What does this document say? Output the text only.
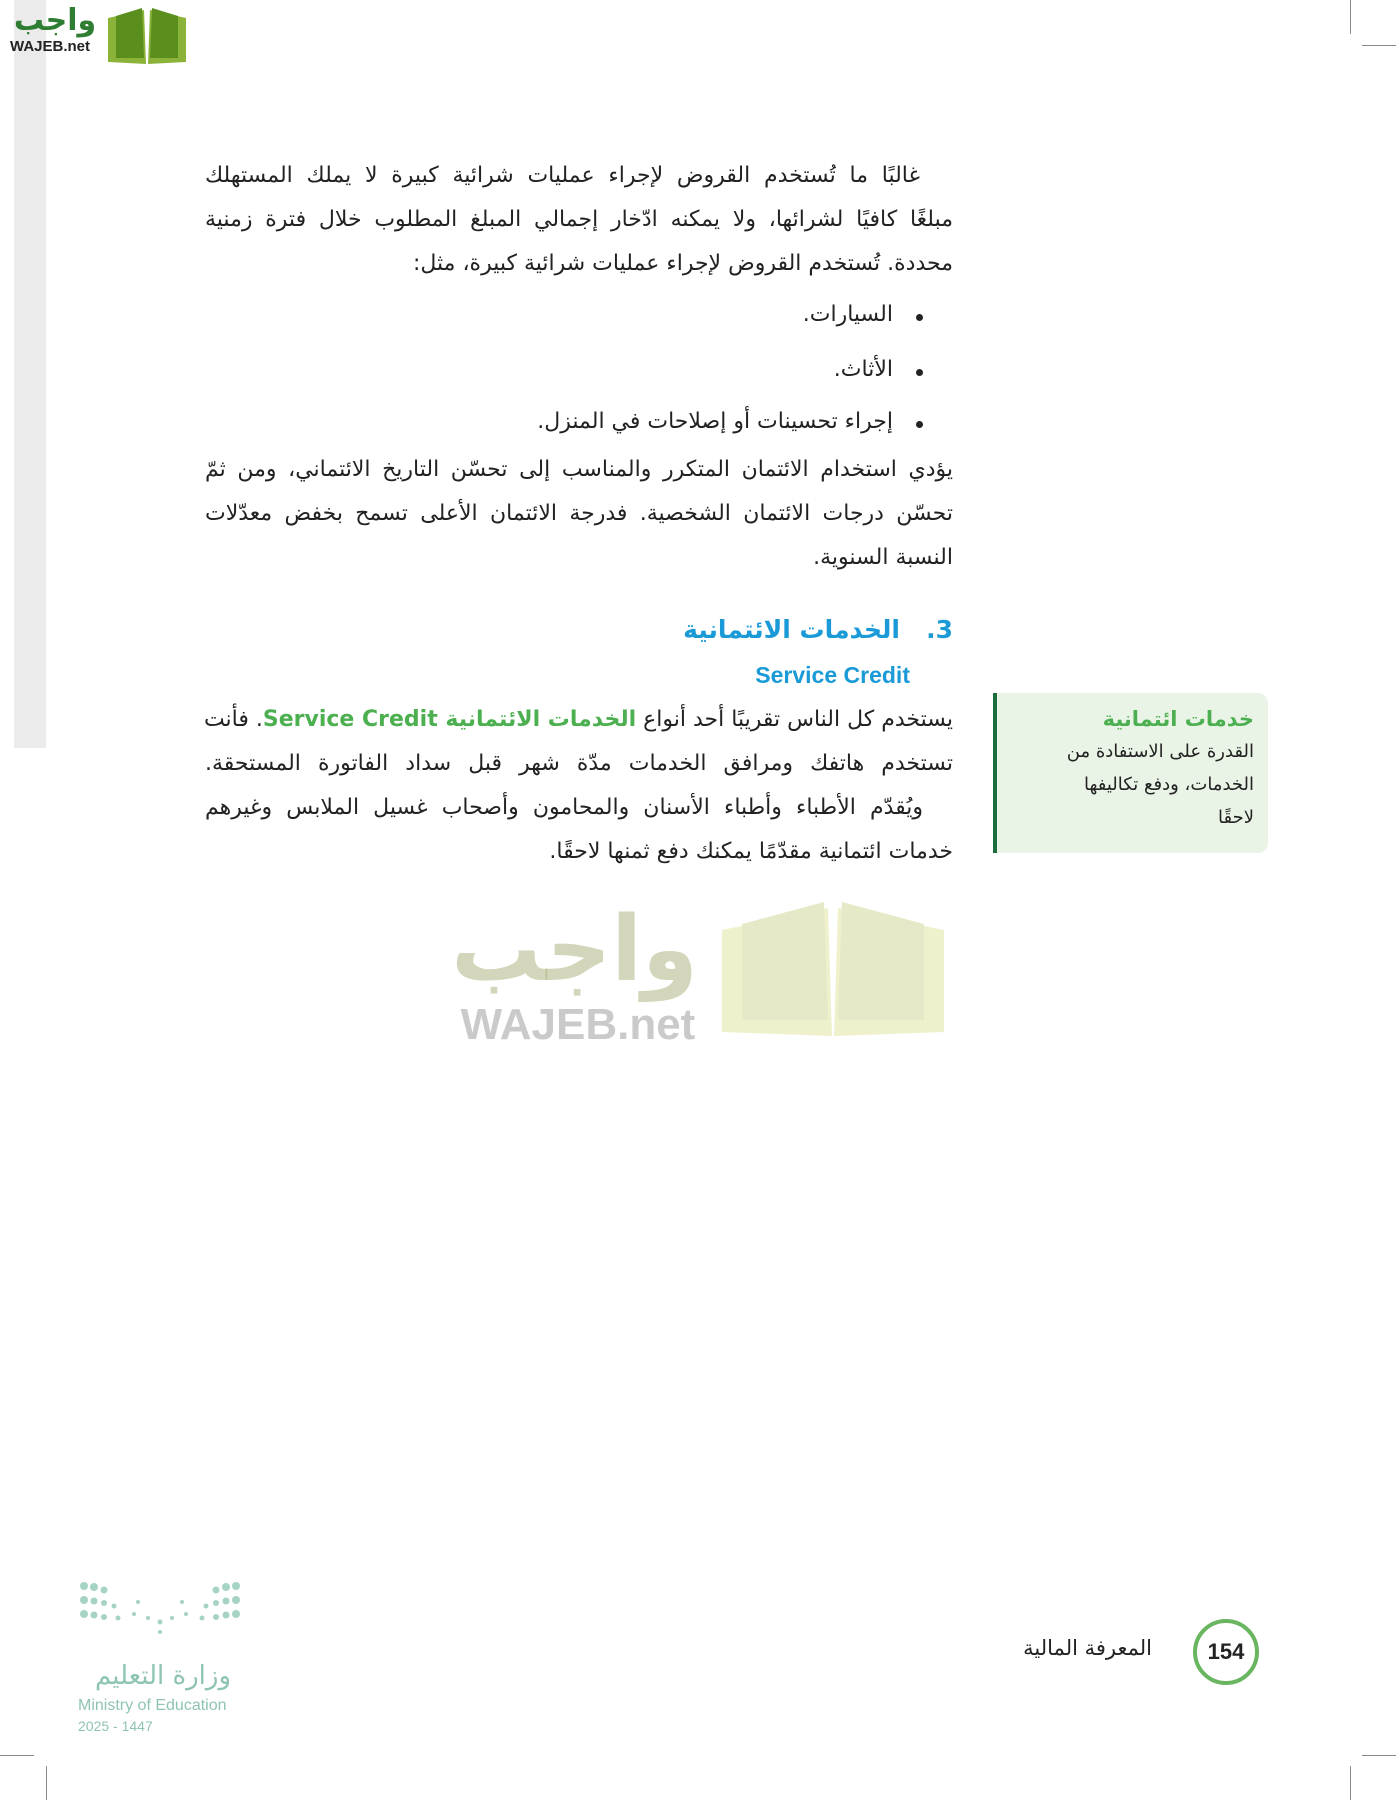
واجب
WAJEB.net
غالبًا ما تُستخدم القروض لإجراء عمليات شرائية كبيرة لا يملك المستهلك
مبلغًا كافيًا لشرائها، ولا يمكنه ادّخار إجمالي المبلغ المطلوب خلال فترة زمنية
محددة. تُستخدم القروض لإجراء عمليات شرائية كبيرة، مثل:
السيارات.
الأثاث.
إجراء تحسينات أو إصلاحات في المنزل.
يؤدي استخدام الائتمان المتكرر والمناسب إلى تحسّن التاريخ الائتماني، ومن ثمّ
تحسّن درجات الائتمان الشخصية. فدرجة الائتمان الأعلى تسمح بخفض معدّلات
النسبة السنوية.
3.   الخدمات الائتمانية
Service Credit
يستخدم كل الناس تقريبًا أحد أنواع الخدمات الائتمانية Service Credit. فأنت
تستخدم هاتفك ومرافق الخدمات مدّة شهر قبل سداد الفاتورة المستحقة.
ويُقدّم الأطباء وأطباء الأسنان والمحامون وأصحاب غسيل الملابس وغيرهم
خدمات ائتمانية مقدّمًا يمكنك دفع ثمنها لاحقًا.
خدمات ائتمانية
القدرة على الاستفادة من
الخدمات، ودفع تكاليفها
لاحقًا
واجب
WAJEB.net
154
المعرفة المالية
وزارة التعليم
Ministry of Education
2025 - 1447
